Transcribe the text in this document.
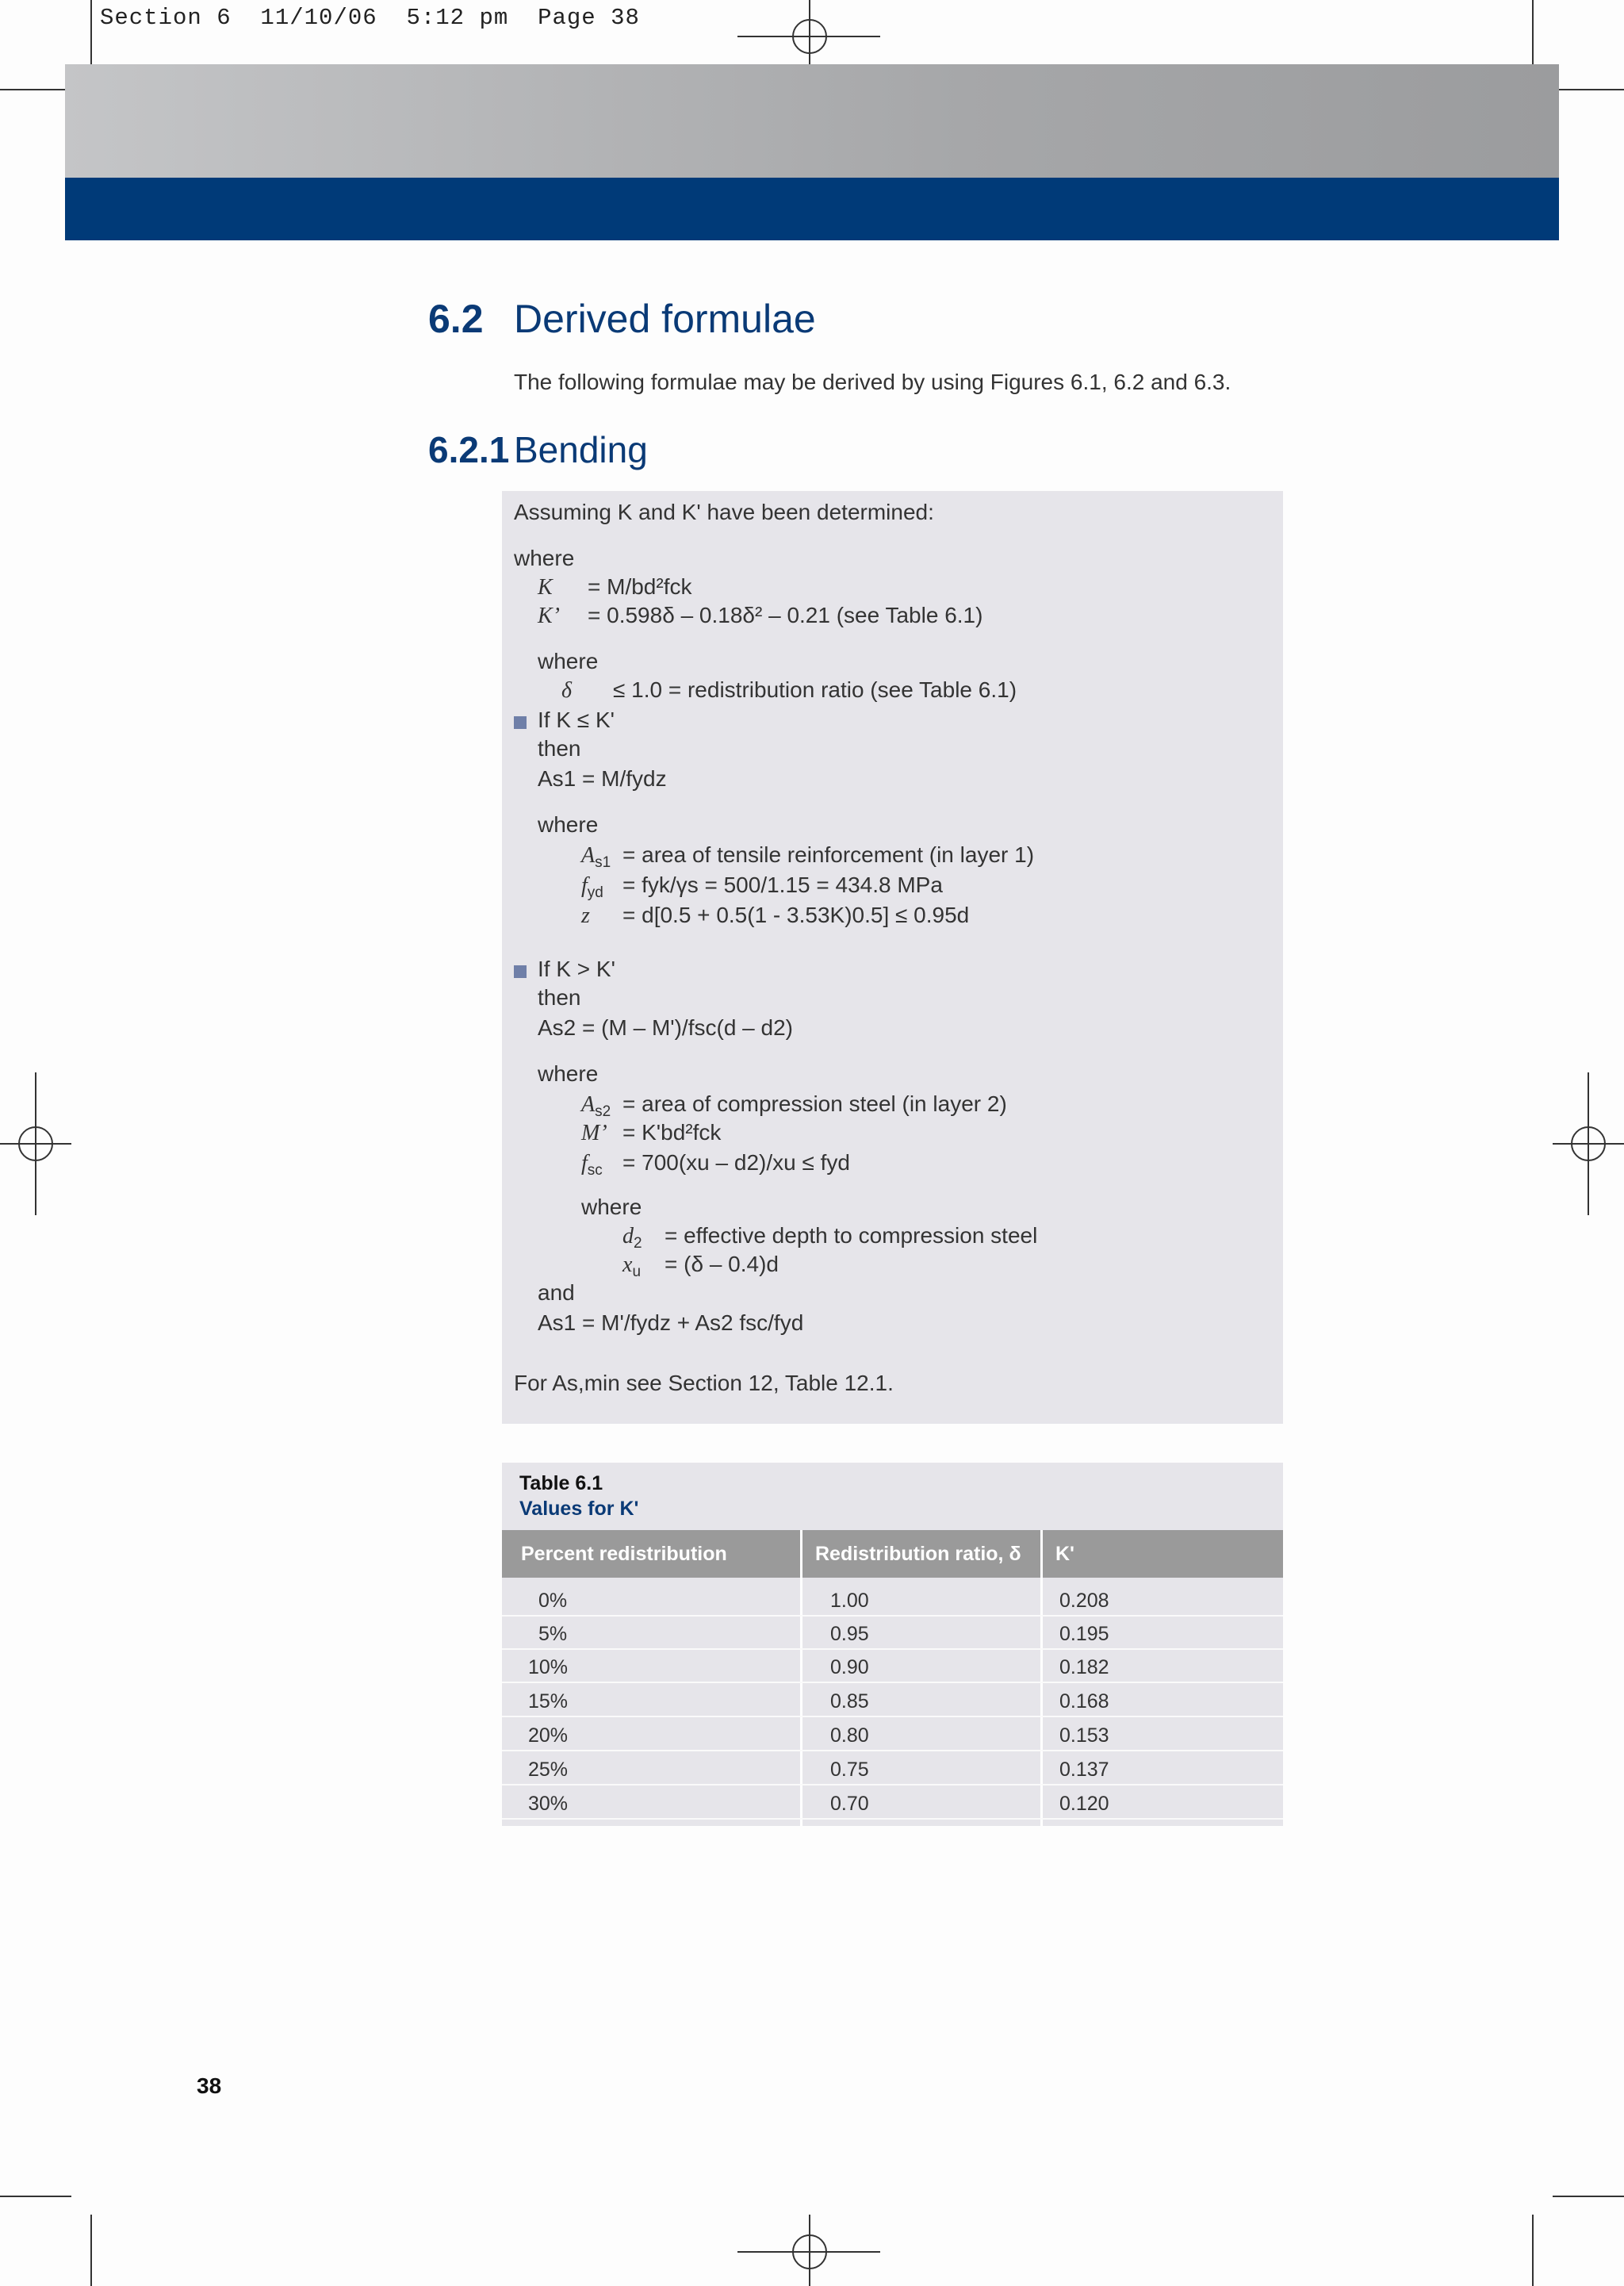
Section 6  11/10/06  5:12 pm  Page 38
6.2 Derived formulae
The following formulae may be derived by using Figures 6.1, 6.2 and 6.3.
6.2.1 Bending
Assuming K and K' have been determined:
where
K = M/bd²fck
K’ = 0.598δ – 0.18δ² – 0.21 (see Table 6.1)
where
δ ≤ 1.0 = redistribution ratio (see Table 6.1)
If K ≤ K'
then
As1 = M/fydz
where
$A_{s1}$ = area of tensile reinforcement (in layer 1)
$f_{yd} = fyk/\gamma s = 500/1.15 = 434.8$ MPa
z = d[0.5 + 0.5(1 - 3.53K)0.5] ≤ 0.95d
If K > K'
then
As2 = (M – M')/fsc(d – d2)
where
$A_{s2}$ = area of compression steel (in layer 2)
M’ = K'bd²fck
$f_{sc} = 700(xu - d2)/xu$ ≤ fyd
where
$d_2$ = effective depth to compression steel
$x_u = (\delta - 0.4)d$
and
As1 = M'/fydz + As2 fsc/fyd
For As,min see Section 12, Table 12.1.
Table 6.1
Values for K'
Percent redistribution	Redistribution ratio, δ	K'
0%	1.00	0.208
5%	0.95	0.195
10%	0.90	0.182
15%	0.85	0.168
20%	0.80	0.153
25%	0.75	0.137
30%	0.70	0.120
38
